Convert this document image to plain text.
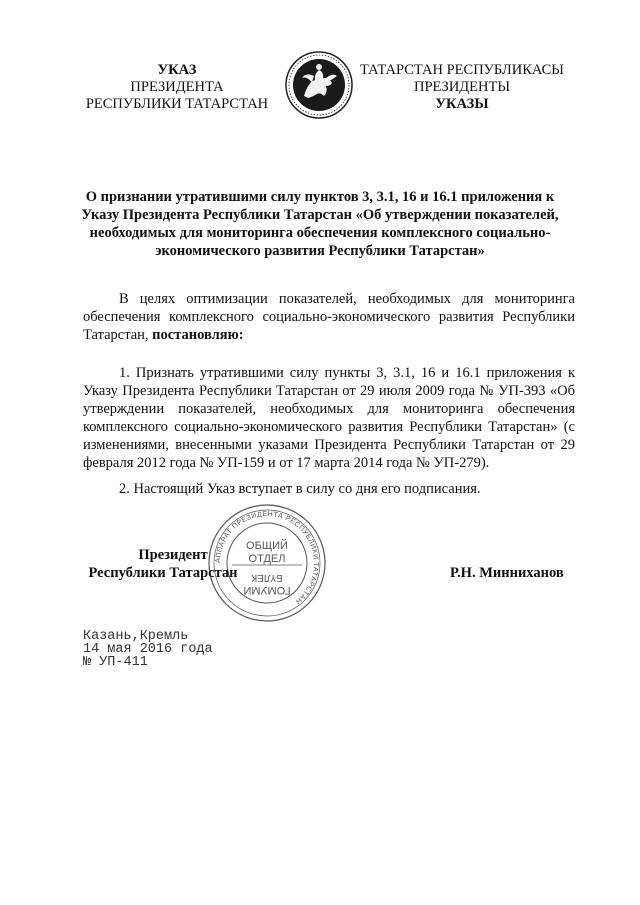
УКАЗ
ПРЕЗИДЕНТА
РЕСПУБЛИКИ ТАТАРСТАН
ТАТАРСТАН РЕСПУБЛИКАСЫ
ПРЕЗИДЕНТЫ
УКАЗЫ
О признании утратившими силу пунктов 3, 3.1, 16 и 16.1 приложения к Указу Президента Республики Татарстан «Об утверждении показателей, необходимых для мониторинга обеспечения комплексного социально-экономического развития Республики Татарстан»
В целях оптимизации показателей, необходимых для мониторинга обеспечения комплексного социально-экономического развития Республики Татарстан, постановляю:
1. Признать утратившими силу пункты 3, 3.1, 16 и 16.1 приложения к Указу Президента Республики Татарстан от 29 июля 2009 года № УП-393 «Об утверждении показателей, необходимых для мониторинга обеспечения комплексного социально-экономического развития Республики Татарстан» (с изменениями, внесенными указами Президента Республики Татарстан от 29 февраля 2012 года № УП-159 и от 17 марта 2014 года № УП-279).
2. Настоящий Указ вступает в силу со дня его подписания.
АППАРАТ ПРЕЗИДЕНТА РЕСПУБЛИКИ ТАТАРСТАН
ОБЩИЙ
ОТДЕЛ
БҮЛЕК
ГОМУМИ
Президент
Республики Татарстан	Р.Н. Минниханов
Казань,Кремль
14 мая 2016 года
№ УП-411
